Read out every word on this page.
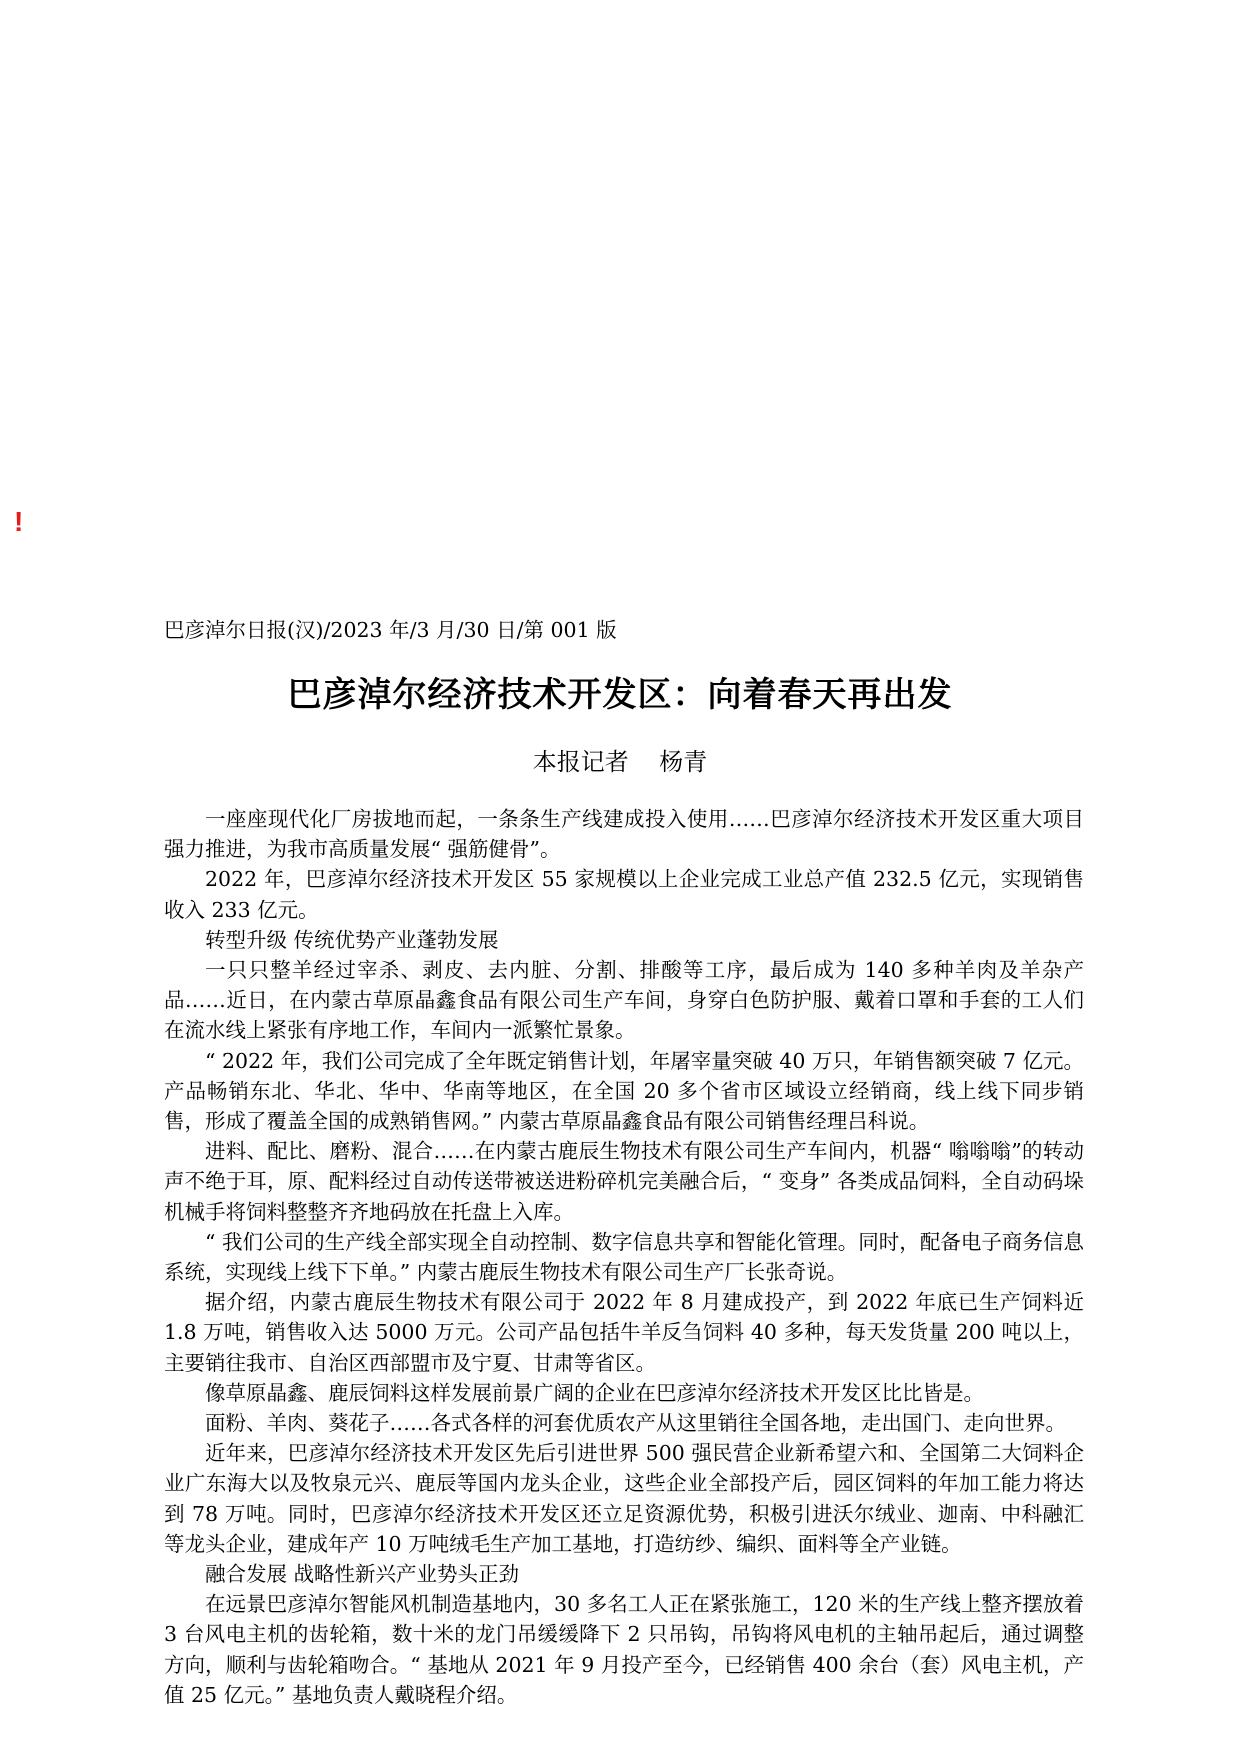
!
巴彦淖尔日报(汉)/2023 年/3 月/30 日/第 001 版
巴彦淖尔经济技术开发区：向着春天再出发
本报记者    杨青

一座座现代化厂房拔地而起，一条条生产线建成投入使用……巴彦淖尔经济技术开发区重大项目强力推进，为我市高质量发展“ 强筋健骨”。

2022 年，巴彦淖尔经济技术开发区 55 家规模以上企业完成工业总产值 232.5 亿元，实现销售收入 233 亿元。

转型升级 传统优势产业蓬勃发展

一只只整羊经过宰杀、剥皮、去内脏、分割、排酸等工序，最后成为 140 多种羊肉及羊杂产品……近日，在内蒙古草原晶鑫食品有限公司生产车间，身穿白色防护服、戴着口罩和手套的工人们在流水线上紧张有序地工作，车间内一派繁忙景象。

“ 2022 年，我们公司完成了全年既定销售计划，年屠宰量突破 40 万只，年销售额突破 7 亿元。产品畅销东北、华北、华中、华南等地区，在全国 20 多个省市区域设立经销商，线上线下同步销售，形成了覆盖全国的成熟销售网。” 内蒙古草原晶鑫食品有限公司销售经理吕科说。

进料、配比、磨粉、混合……在内蒙古鹿辰生物技术有限公司生产车间内，机器“ 嗡嗡嗡”的转动声不绝于耳，原、配料经过自动传送带被送进粉碎机完美融合后，“ 变身” 各类成品饲料，全自动码垛机械手将饲料整整齐齐地码放在托盘上入库。

“ 我们公司的生产线全部实现全自动控制、数字信息共享和智能化管理。同时，配备电子商务信息系统，实现线上线下下单。” 内蒙古鹿辰生物技术有限公司生产厂长张奇说。

据介绍，内蒙古鹿辰生物技术有限公司于 2022 年 8 月建成投产，到 2022 年底已生产饲料近 1.8 万吨，销售收入达 5000 万元。公司产品包括牛羊反刍饲料 40 多种，每天发货量 200 吨以上，主要销往我市、自治区西部盟市及宁夏、甘肃等省区。

像草原晶鑫、鹿辰饲料这样发展前景广阔的企业在巴彦淖尔经济技术开发区比比皆是。

面粉、羊肉、葵花子……各式各样的河套优质农产从这里销往全国各地，走出国门、走向世界。

近年来，巴彦淖尔经济技术开发区先后引进世界 500 强民营企业新希望六和、全国第二大饲料企业广东海大以及牧泉元兴、鹿辰等国内龙头企业，这些企业全部投产后，园区饲料的年加工能力将达到 78 万吨。同时，巴彦淖尔经济技术开发区还立足资源优势，积极引进沃尔绒业、迦南、中科融汇等龙头企业，建成年产 10 万吨绒毛生产加工基地，打造纺纱、编织、面料等全产业链。

融合发展 战略性新兴产业势头正劲

在远景巴彦淖尔智能风机制造基地内，30 多名工人正在紧张施工，120 米的生产线上整齐摆放着 3 台风电主机的齿轮箱，数十米的龙门吊缓缓降下 2 只吊钩，吊钩将风电机的主轴吊起后，通过调整方向，顺利与齿轮箱吻合。“ 基地从 2021 年 9 月投产至今，已经销售 400 余台（套）风电主机，产值 25 亿元。” 基地负责人戴晓程介绍。
